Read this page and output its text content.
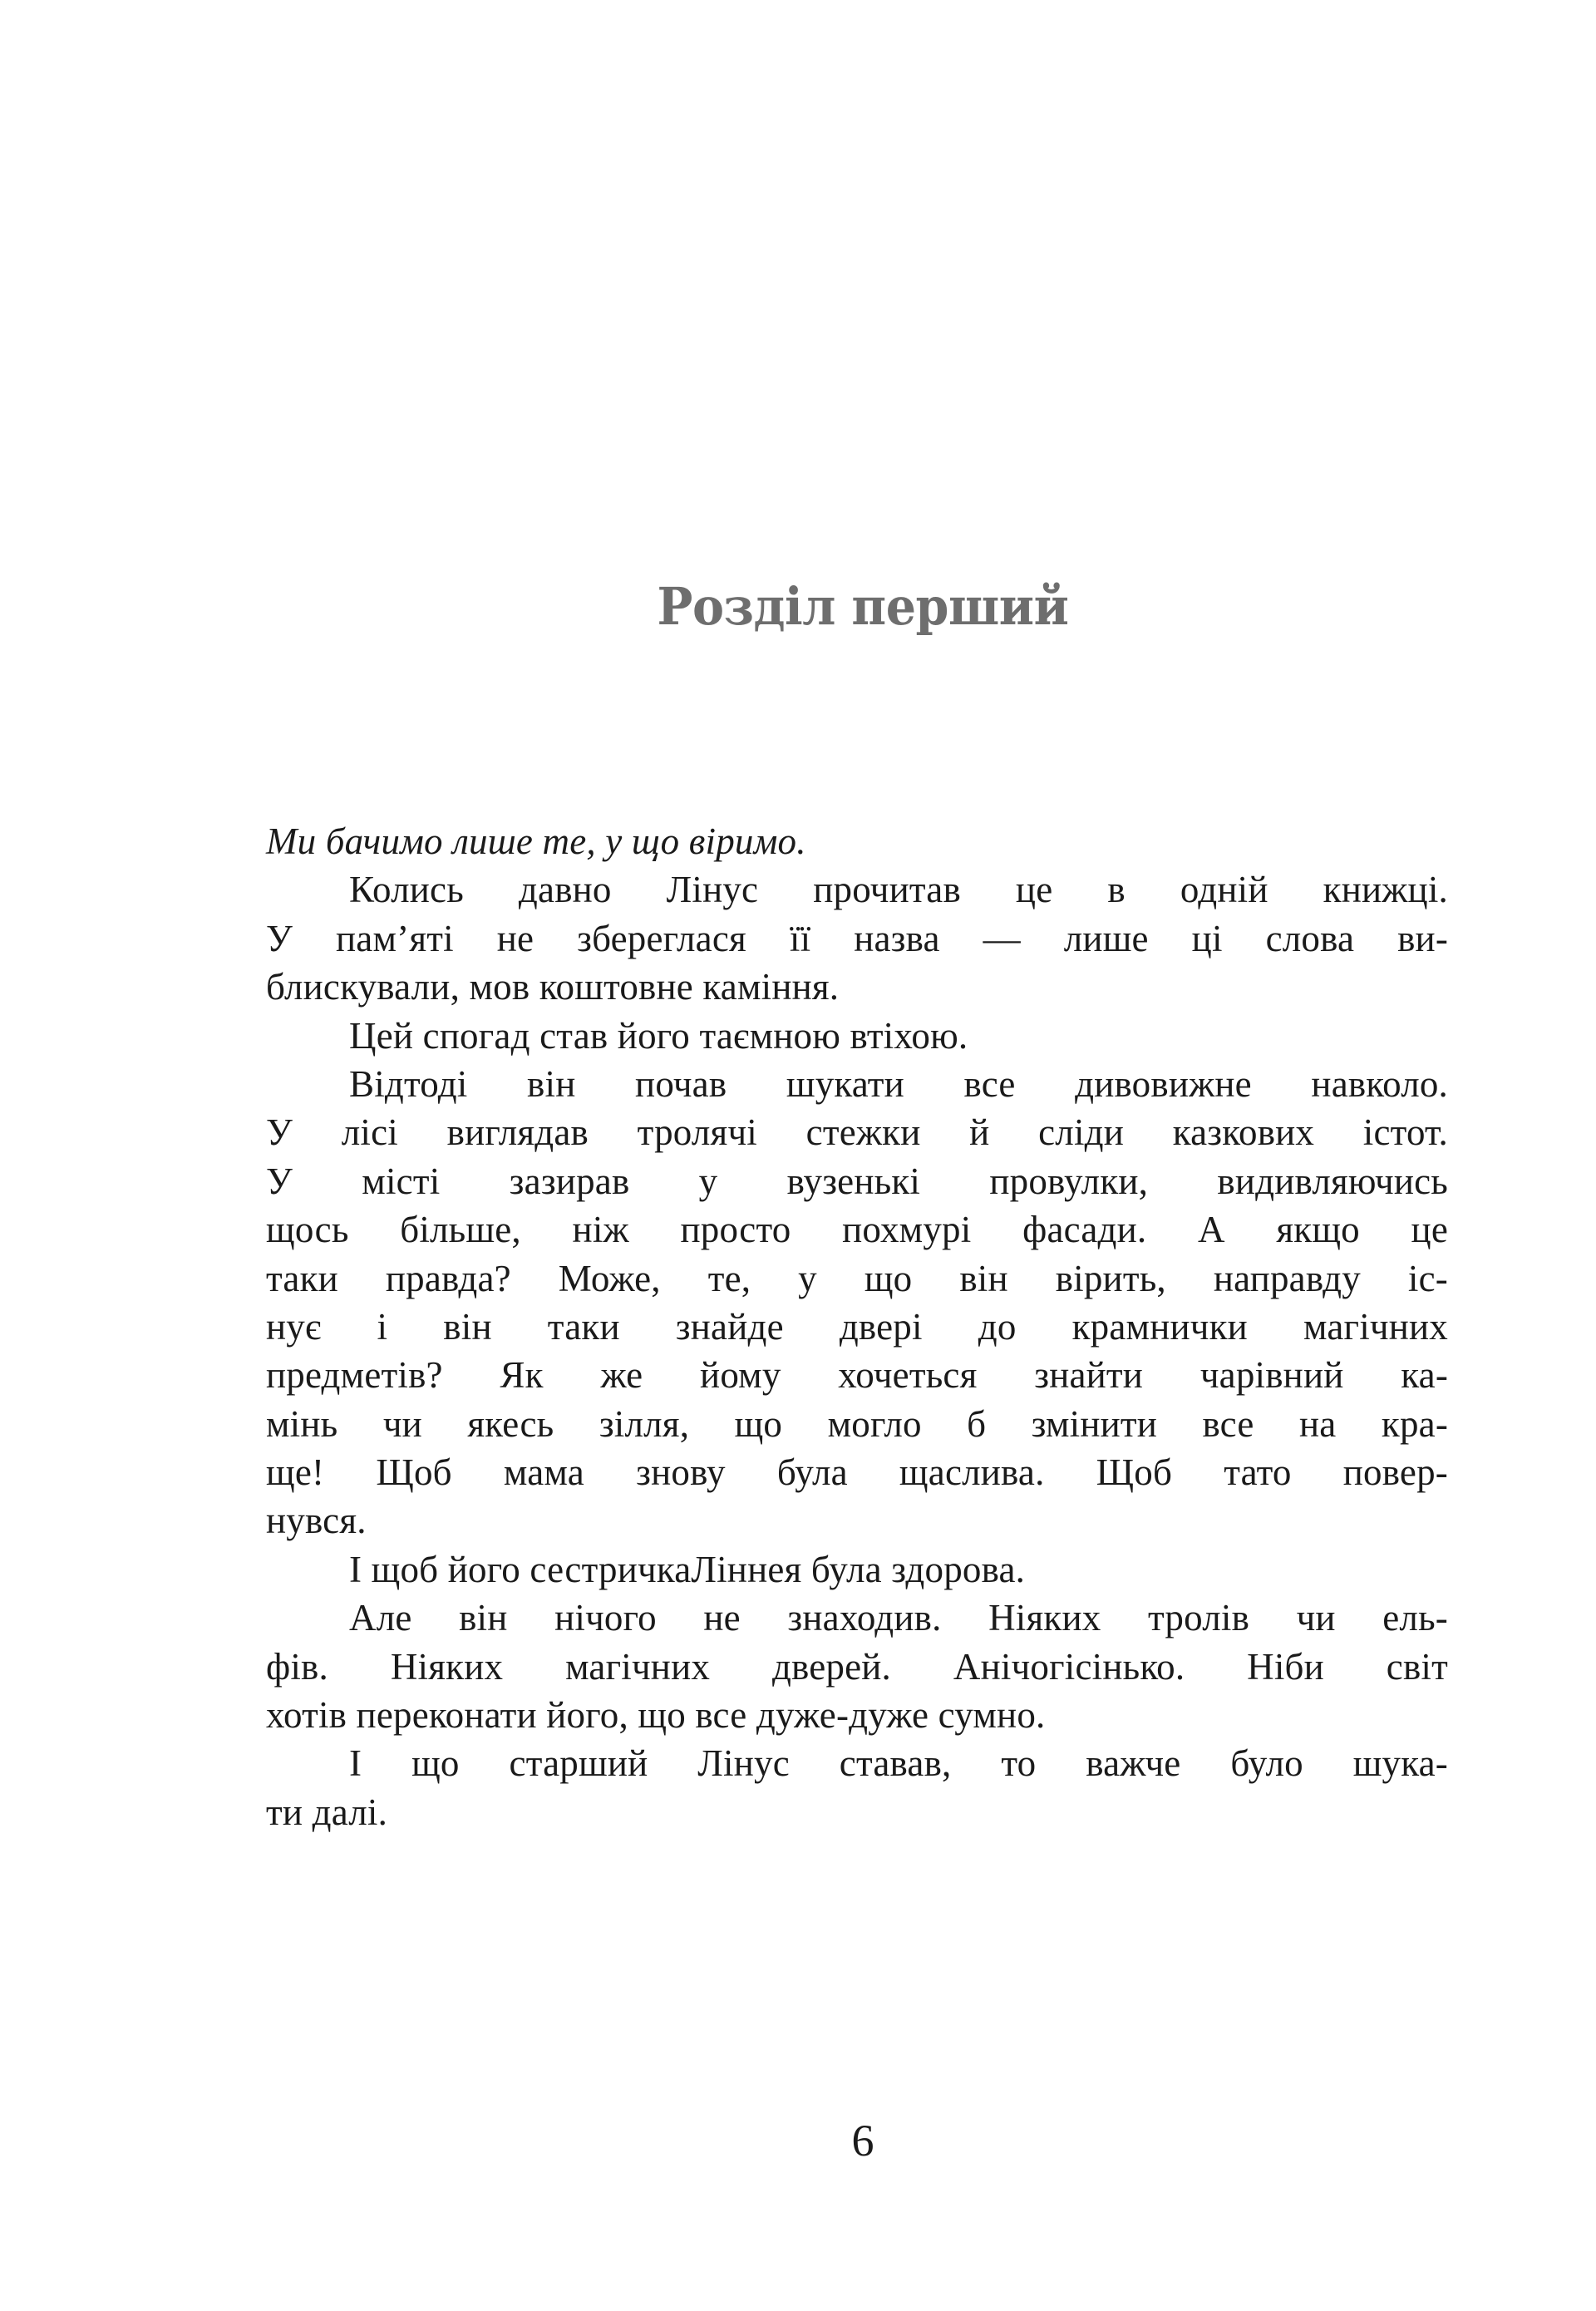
Розділ перший
Ми бачимо лише те, у що віримо.
Колись давно Лінус прочитав це в одній книжці.
У пам’яті не збереглася її назва — лише ці слова ви-
блискували, мов коштовне каміння.
Цей спогад став його таємною втіхою.
Відтоді він почав шукати все дивовижне навколо.
У лісі виглядав тролячі стежки й сліди казкових істот.
У місті зазирав у вузенькі провулки, видивляючись
щось більше, ніж просто похмурі фасади. А якщо це
таки правда? Може, те, у що він вірить, направду іс-
нує і він таки знайде двері до крамнички магічних
предметів? Як же йому хочеться знайти чарівний ка-
мінь чи якесь зілля, що могло б змінити все на кра-
ще! Щоб мама знову була щаслива. Щоб тато повер-
нувся.
І щоб його сестричкаЛіннея була здорова.
Але він нічого не знаходив. Ніяких тролів чи ель-
фів. Ніяких магічних дверей. Анічогісінько. Ніби світ
хотів переконати його, що все дуже-дуже сумно.
І що старший Лінус ставав, то важче було шука-
ти далі.
6
